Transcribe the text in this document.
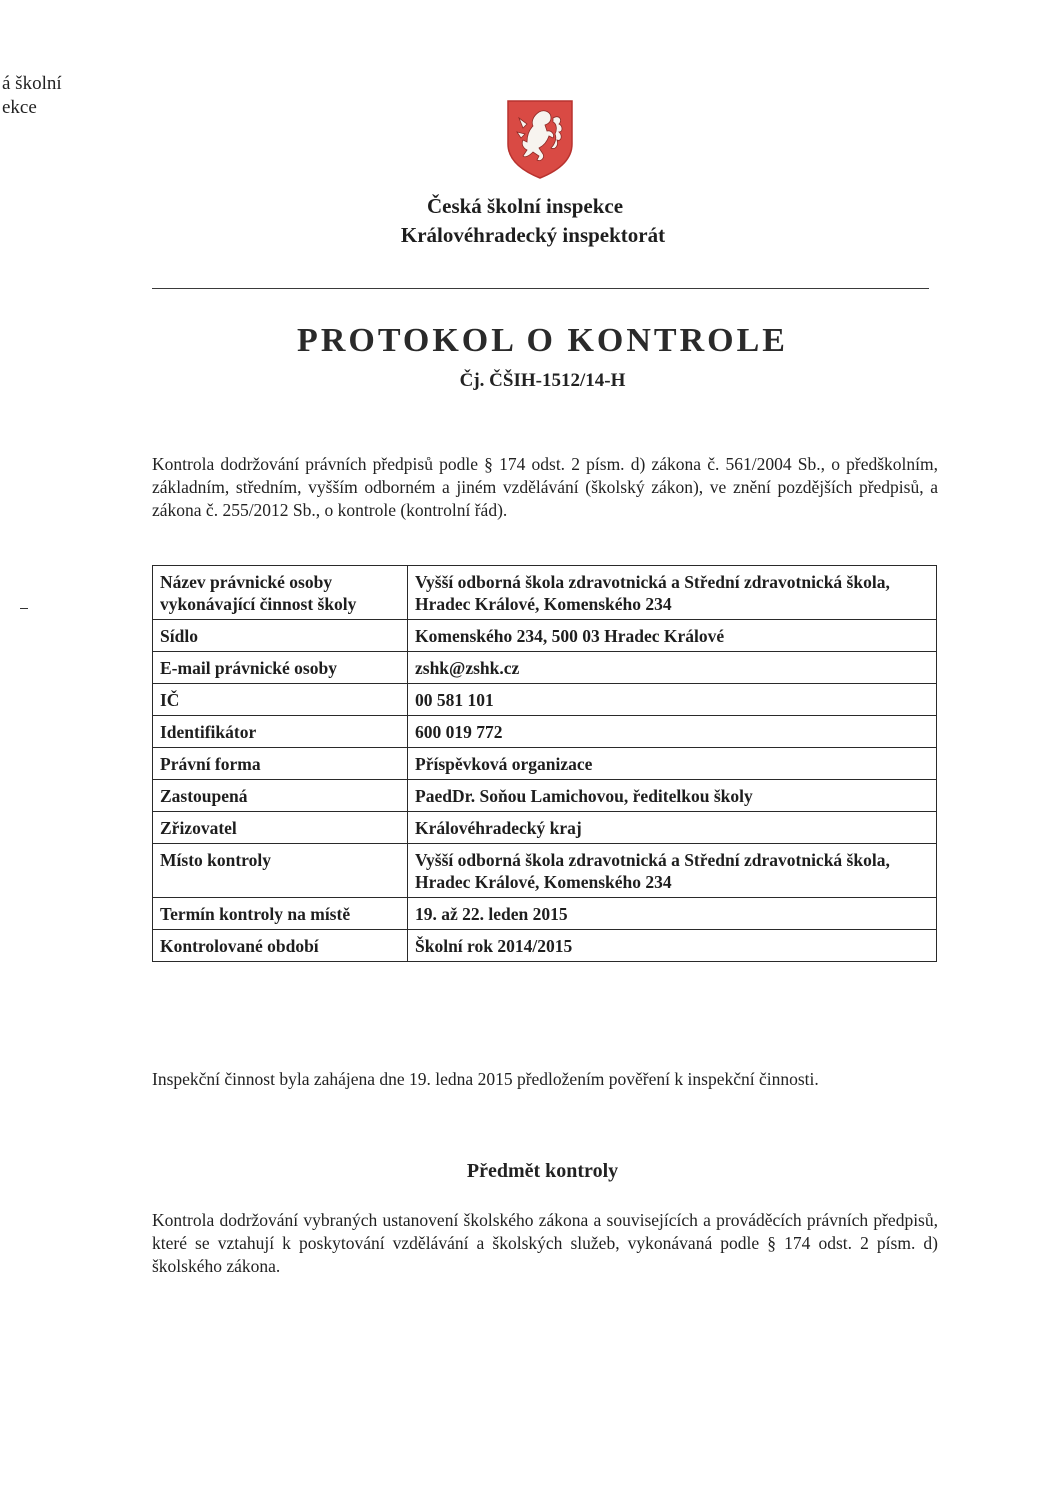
á školní
ekce
Česká školní inspekce
Královéhradecký inspektorát
PROTOKOL O KONTROLE
Čj. ČŠIH-1512/14-H
Kontrola dodržování právních předpisů podle § 174 odst. 2 písm. d) zákona č. 561/2004 Sb., o předškolním, základním, středním, vyšším odborném a jiném vzdělávání (školský zákon), ve znění pozdějších předpisů, a zákona č. 255/2012 Sb., o kontrole (kontrolní řád).
Název právnické osoby vykonávající činnost školy	Vyšší odborná škola zdravotnická a Střední zdravotnická škola, Hradec Králové, Komenského 234
Sídlo	Komenského 234, 500 03 Hradec Králové
E-mail právnické osoby	zshk@zshk.cz
IČ	00 581 101
Identifikátor	600 019 772
Právní forma	Příspěvková organizace
Zastoupená	PaedDr. Soňou Lamichovou, ředitelkou školy
Zřizovatel	Královéhradecký kraj
Místo kontroly	Vyšší odborná škola zdravotnická a Střední zdravotnická škola, Hradec Králové, Komenského 234
Termín kontroly na místě	19. až 22. leden 2015
Kontrolované období	Školní rok 2014/2015
Inspekční činnost byla zahájena dne 19. ledna 2015 předložením pověření k inspekční činnosti.
Předmět kontroly
Kontrola dodržování vybraných ustanovení školského zákona a souvisejících a prováděcích právních předpisů, které se vztahují k poskytování vzdělávání a školských služeb, vykonávaná podle § 174 odst. 2 písm. d) školského zákona.
